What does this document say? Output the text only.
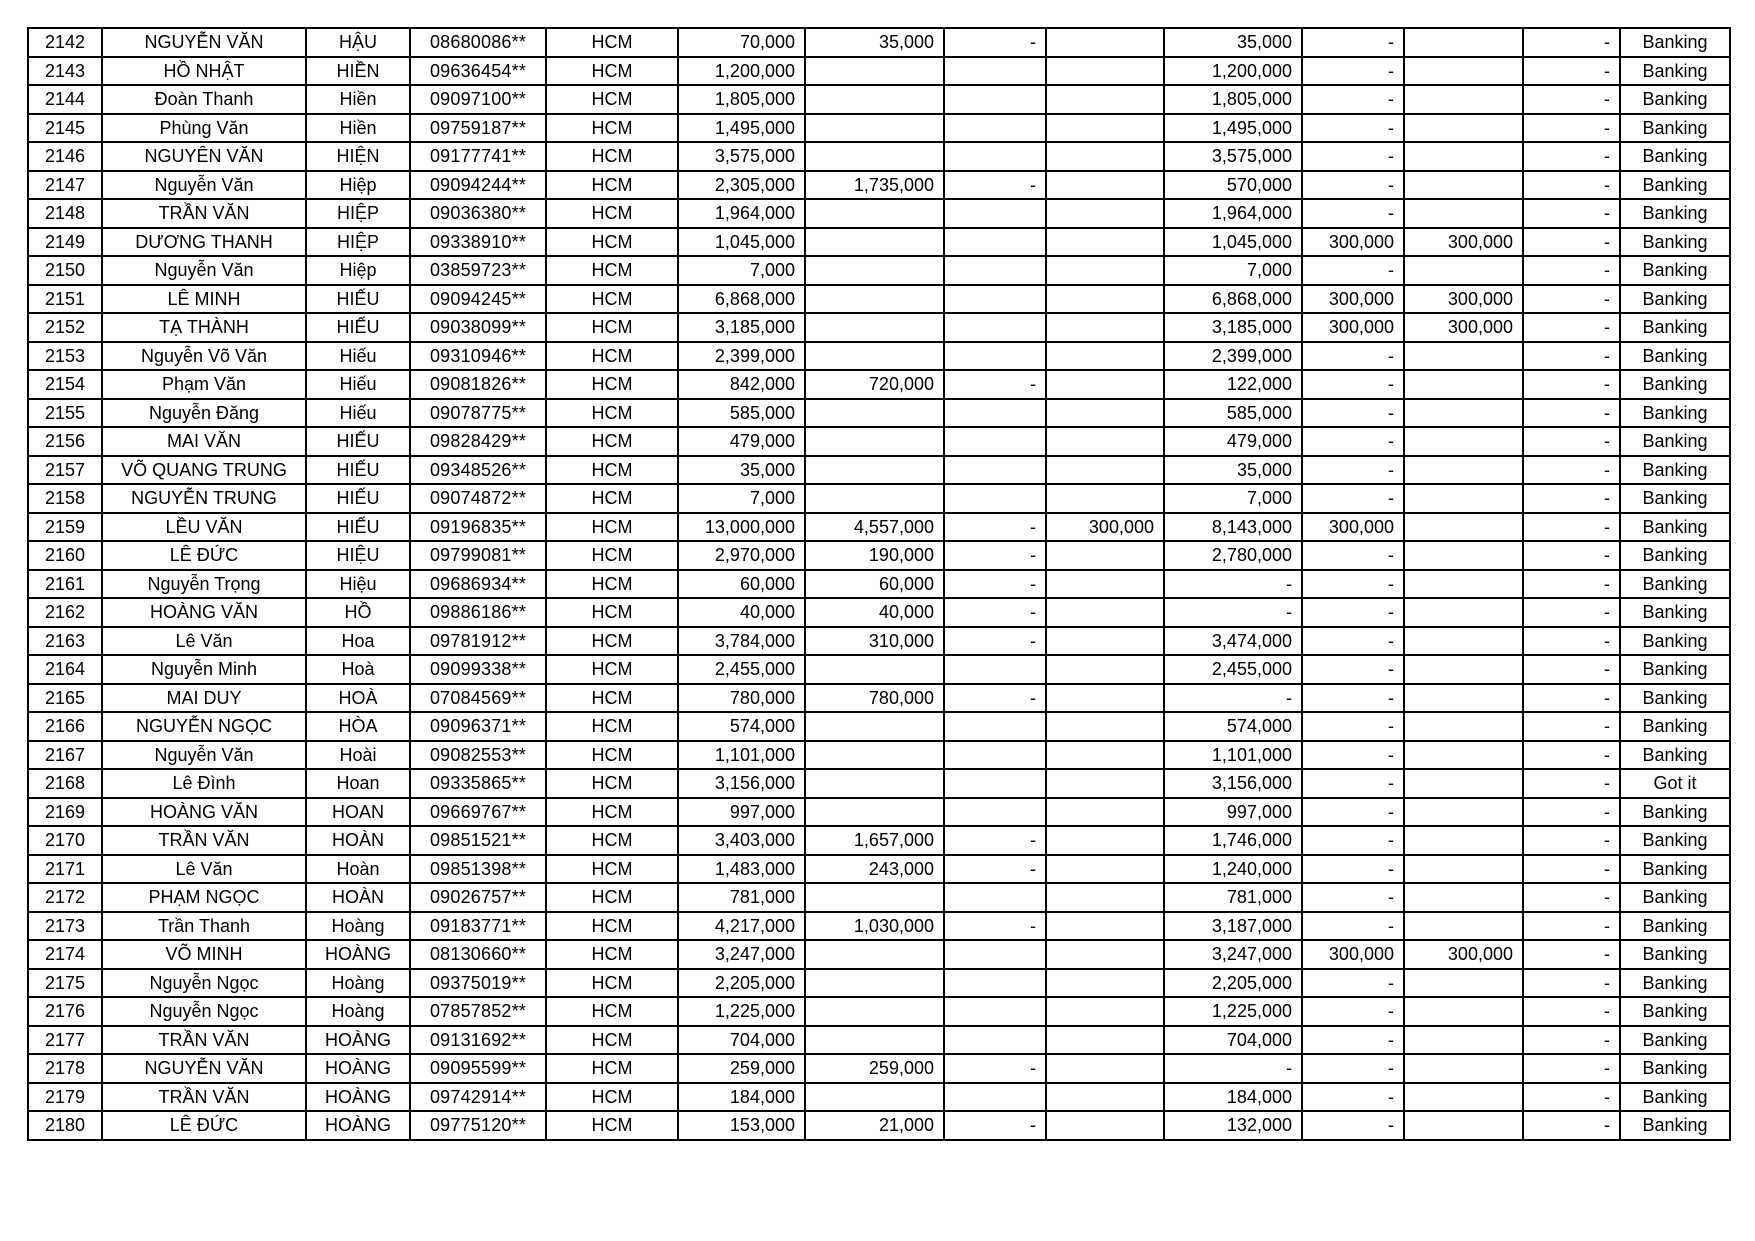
2142	NGUYỄN VĂN	HẬU	08680086**	HCM	70,000	35,000	-		35,000	-		-	Banking
2143	HỒ NHẬT	HIỀN	09636454**	HCM	1,200,000				1,200,000	-		-	Banking
2144	Đoàn Thanh	Hiền	09097100**	HCM	1,805,000				1,805,000	-		-	Banking
2145	Phùng Văn	Hiền	09759187**	HCM	1,495,000				1,495,000	-		-	Banking
2146	NGUYÊN VĂN	HIỆN	09177741**	HCM	3,575,000				3,575,000	-		-	Banking
2147	Nguyễn Văn	Hiệp	09094244**	HCM	2,305,000	1,735,000	-		570,000	-		-	Banking
2148	TRẦN VĂN	HIỆP	09036380**	HCM	1,964,000				1,964,000	-		-	Banking
2149	DƯƠNG THANH	HIỆP	09338910**	HCM	1,045,000				1,045,000	300,000	300,000	-	Banking
2150	Nguyễn Văn	Hiệp	03859723**	HCM	7,000				7,000	-		-	Banking
2151	LÊ MINH	HIẾU	09094245**	HCM	6,868,000				6,868,000	300,000	300,000	-	Banking
2152	TẠ THÀNH	HIẾU	09038099**	HCM	3,185,000				3,185,000	300,000	300,000	-	Banking
2153	Nguyễn Võ Văn	Hiếu	09310946**	HCM	2,399,000				2,399,000	-		-	Banking
2154	Phạm Văn	Hiếu	09081826**	HCM	842,000	720,000	-		122,000	-		-	Banking
2155	Nguyễn Đăng	Hiếu	09078775**	HCM	585,000				585,000	-		-	Banking
2156	MAI VĂN	HIẾU	09828429**	HCM	479,000				479,000	-		-	Banking
2157	VÕ QUANG TRUNG	HIẾU	09348526**	HCM	35,000				35,000	-		-	Banking
2158	NGUYỄN TRUNG	HIẾU	09074872**	HCM	7,000				7,000	-		-	Banking
2159	LỀU VĂN	HIẾU	09196835**	HCM	13,000,000	4,557,000	-	300,000	8,143,000	300,000		-	Banking
2160	LÊ ĐỨC	HIỆU	09799081**	HCM	2,970,000	190,000	-		2,780,000	-		-	Banking
2161	Nguyễn Trọng	Hiệu	09686934**	HCM	60,000	60,000	-		-	-		-	Banking
2162	HOÀNG VĂN	HỒ	09886186**	HCM	40,000	40,000	-		-	-		-	Banking
2163	Lê Văn	Hoa	09781912**	HCM	3,784,000	310,000	-		3,474,000	-		-	Banking
2164	Nguyễn Minh	Hoà	09099338**	HCM	2,455,000				2,455,000	-		-	Banking
2165	MAI DUY	HOÀ	07084569**	HCM	780,000	780,000	-		-	-		-	Banking
2166	NGUYỄN NGỌC	HÒA	09096371**	HCM	574,000				574,000	-		-	Banking
2167	Nguyễn Văn	Hoài	09082553**	HCM	1,101,000				1,101,000	-		-	Banking
2168	Lê Đình	Hoan	09335865**	HCM	3,156,000				3,156,000	-		-	Got it
2169	HOÀNG VĂN	HOAN	09669767**	HCM	997,000				997,000	-		-	Banking
2170	TRẦN VĂN	HOÀN	09851521**	HCM	3,403,000	1,657,000	-		1,746,000	-		-	Banking
2171	Lê Văn	Hoàn	09851398**	HCM	1,483,000	243,000	-		1,240,000	-		-	Banking
2172	PHẠM NGỌC	HOÀN	09026757**	HCM	781,000				781,000	-		-	Banking
2173	Trần Thanh	Hoàng	09183771**	HCM	4,217,000	1,030,000	-		3,187,000	-		-	Banking
2174	VÕ MINH	HOÀNG	08130660**	HCM	3,247,000				3,247,000	300,000	300,000	-	Banking
2175	Nguyễn Ngọc	Hoàng	09375019**	HCM	2,205,000				2,205,000	-		-	Banking
2176	Nguyễn Ngọc	Hoàng	07857852**	HCM	1,225,000				1,225,000	-		-	Banking
2177	TRẦN VĂN	HOÀNG	09131692**	HCM	704,000				704,000	-		-	Banking
2178	NGUYỄN VĂN	HOÀNG	09095599**	HCM	259,000	259,000	-		-	-		-	Banking
2179	TRẦN VĂN	HOÀNG	09742914**	HCM	184,000				184,000	-		-	Banking
2180	LÊ ĐỨC	HOÀNG	09775120**	HCM	153,000	21,000	-		132,000	-		-	Banking
